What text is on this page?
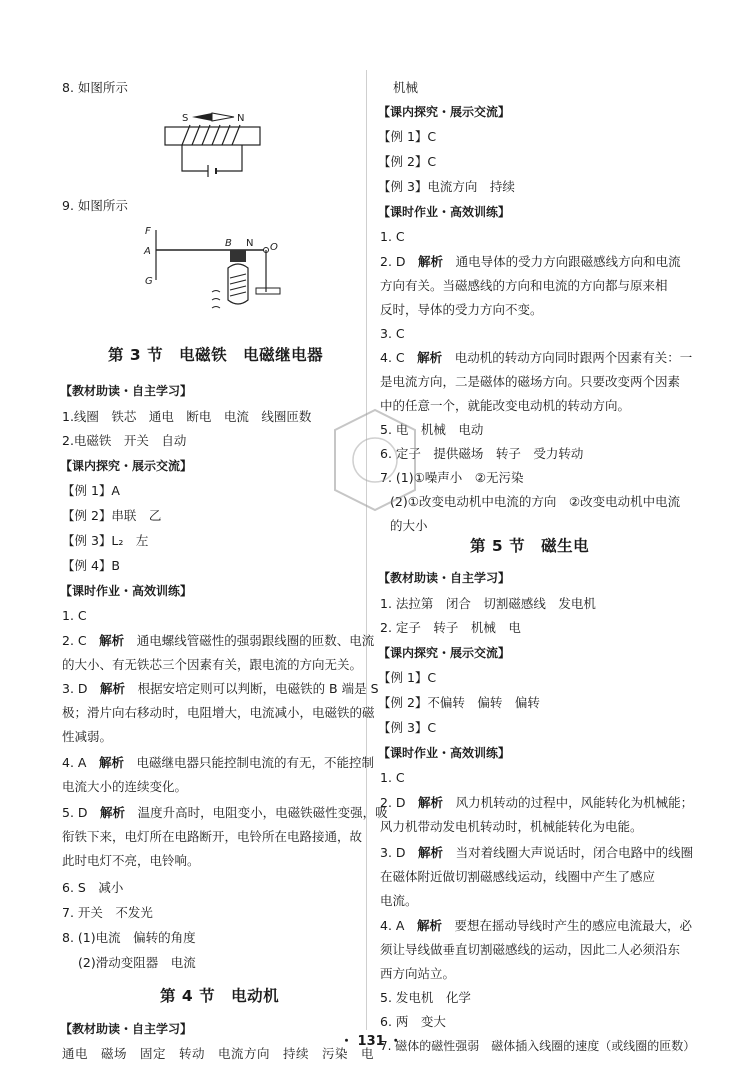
8. 如图所示
S	N
9. 如图所示
F
A
G
B N O
第 3 节　电磁铁　电磁继电器
【教材助读・自主学习】
1.线圈　铁芯　通电　断电　电流　线圈匝数
2.电磁铁　开关　自动
【课内探究・展示交流】
【例 1】A
【例 2】串联　乙
【例 3】L₂　左
【例 4】B
【课时作业・高效训练】
1. C
2. C　 解析　 通电螺线管磁性的强弱跟线圈的匝数、电流
的大小、有无铁芯三个因素有关，跟电流的方向无关。
3. D　 解析　 根据安培定则可以判断，电磁铁的 B 端是 S
极；滑片向右移动时，电阻增大，电流减小，电磁铁的磁
性减弱。
4. A　 解析　 电磁继电器只能控制电流的有无，不能控制
电流大小的连续变化。
5. D　 解析　 温度升高时，电阻变小，电磁铁磁性变强，吸
衔铁下来，电灯所在电路断开，电铃所在电路接通，故
此时电灯不亮，电铃响。
6. S　减小
7. 开关　不发光
8. (1)电流　偏转的角度
(2)滑动变阻器　电流
第 4 节　电动机
【教材助读・自主学习】
通电　磁场　固定　转动　电流方向　持续　污染　电
机械
【课内探究・展示交流】
【例 1】C
【例 2】C
【例 3】电流方向　持续
【课时作业・高效训练】
1. C
2. D　 解析　 通电导体的受力方向跟磁感线方向和电流
方向有关。当磁感线的方向和电流的方向都与原来相
反时，导体的受力方向不变。
3. C
4. C　 解析　 电动机的转动方向同时跟两个因素有关：一
是电流方向，二是磁体的磁场方向。只要改变两个因素
中的任意一个，就能改变电动机的转动方向。
5. 电　机械　电动
6. 定子　提供磁场　转子　受力转动
7. (1)①噪声小　②无污染
(2)①改变电动机中电流的方向　②改变电动机中电流
的大小
第 5 节　磁生电
【教材助读・自主学习】
1. 法拉第　闭合　切割磁感线　发电机
2. 定子　转子　机械　电
【课内探究・展示交流】
【例 1】C
【例 2】不偏转　偏转　偏转
【例 3】C
【课时作业・高效训练】
1. C
2. D　 解析　 风力机转动的过程中，风能转化为机械能；
风力机带动发电机转动时，机械能转化为电能。
3. D　 解析　 当对着线圈大声说话时，闭合电路中的线圈
在磁体附近做切割磁感线运动，线圈中产生了感应
电流。
4. A　 解析　 要想在摇动导线时产生的感应电流最大，必
须让导线做垂直切割磁感线的运动，因此二人必须沿东
西方向站立。
5. 发电机　化学
6. 两　变大
7. 磁体的磁性强弱　磁体插入线圈的速度（或线圈的匝数）
・ 131 ・
